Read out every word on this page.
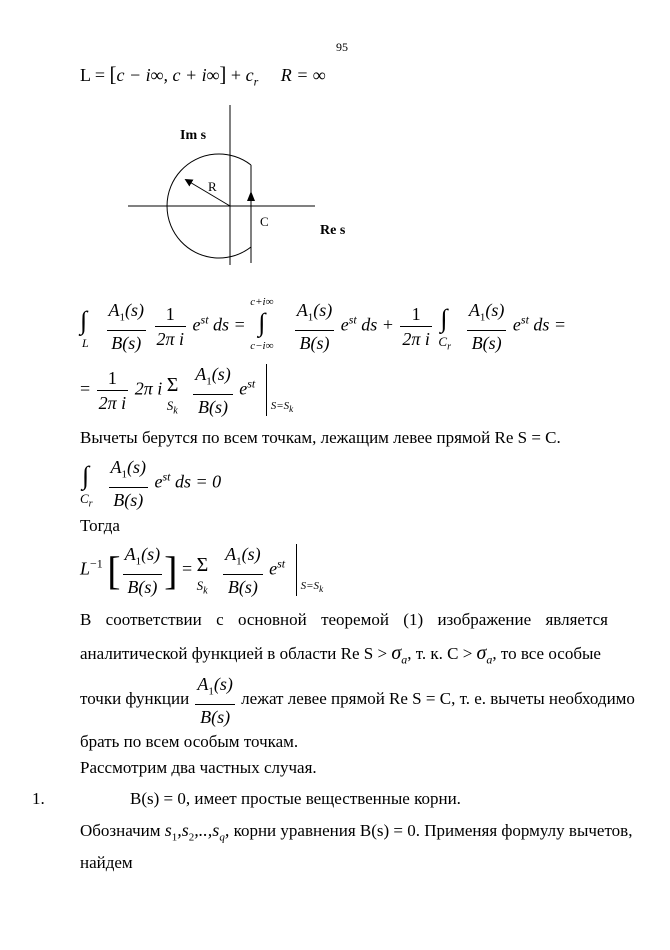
95
L = [c − i∞, $c + i\infty] + c_r$ R = ∞
Im s
Re s
R
C
∫
L
$\frac{A_1(s)}{B(s)}$
$\frac{1}{\text{2π i}} e^{st}$ ds =
c+i∞
∫
c−i∞
$\frac{A_1(s)}{B(s)} e^{st}$ ds + $\frac{1}{\text{2π i}}$
∫
$C_r$
$\frac{A_1(s)}{B(s)} e^{st}$ ds =
= $\frac{1}{\text{2π i}} 2\pi$ i Σ
$S_k$
$\frac{A_1(s)}{B(s)} e^{st}$
$S=S_k$
Вычеты берутся по всем точкам, лежащим левее прямой Re S = C.
∫
$C_r$
$\frac{A_1(s)}{B(s)} e^{st}$ ds = 0
Тогда
$L^{-1}$ [ $\frac{A_1(s)}{B(s)}$ ] = Σ
$S_k$
$\frac{A_1(s)}{B(s)} e^{st}$
$S=S_k$
В соответствии с основной теоремой (1) изображение является
аналитической функцией в области Re $S > \sigma_a$, т. к. $C > \sigma_a$, то все особые
точки функции $\frac{A_1(s)}{B(s)}$ лежат левее прямой Re S = C, т. е. вычеты необходимо
брать по всем особым точкам.
Рассмотрим два частных случая.
1.	B(s) = 0, имеет простые вещественные корни.
Обозначим $s_1,s_2,..,s_q$, корни уравнения B(s) = 0. Применяя формулу вычетов,
найдем
